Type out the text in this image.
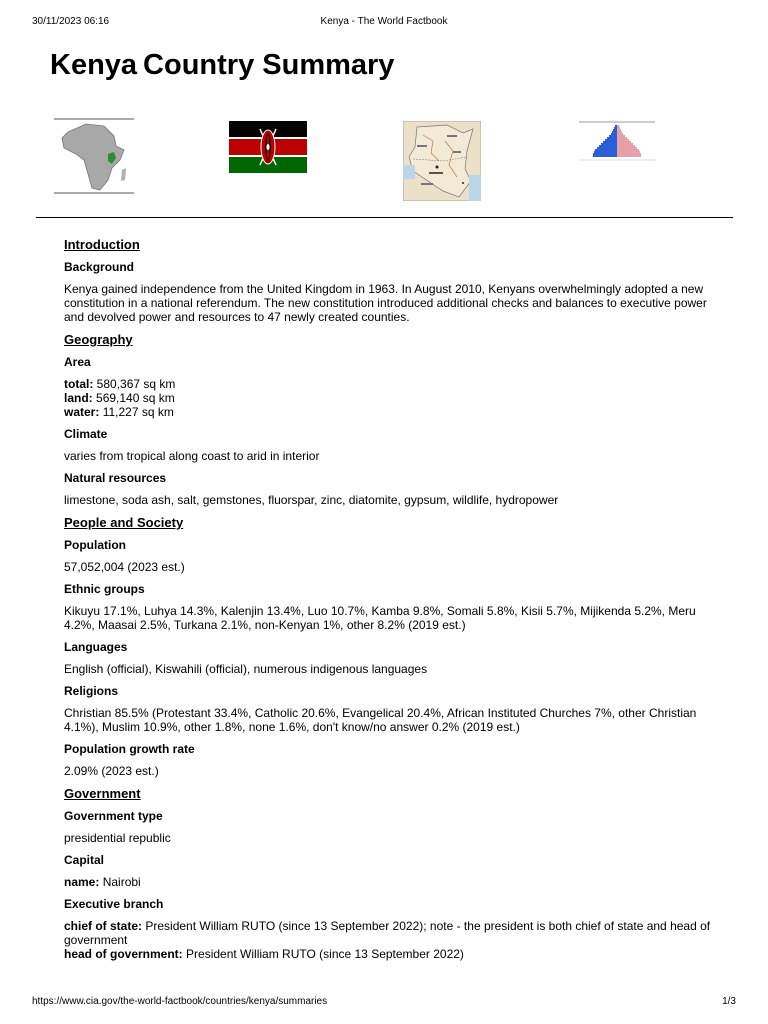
30/11/2023 06:16	Kenya - The World Factbook
Kenya Country Summary
Introduction
Background
Kenya gained independence from the United Kingdom in 1963. In August 2010, Kenyans overwhelmingly adopted a new constitution in a national referendum. The new constitution introduced additional checks and balances to executive power and devolved power and resources to 47 newly created counties.
Geography
Area
total: 580,367 sq km
land: 569,140 sq km
water: 11,227 sq km
Climate
varies from tropical along coast to arid in interior
Natural resources
limestone, soda ash, salt, gemstones, fluorspar, zinc, diatomite, gypsum, wildlife, hydropower
People and Society
Population
57,052,004 (2023 est.)
Ethnic groups
Kikuyu 17.1%, Luhya 14.3%, Kalenjin 13.4%, Luo 10.7%, Kamba 9.8%, Somali 5.8%, Kisii 5.7%, Mijikenda 5.2%, Meru 4.2%, Maasai 2.5%, Turkana 2.1%, non-Kenyan 1%, other 8.2% (2019 est.)
Languages
English (official), Kiswahili (official), numerous indigenous languages
Religions
Christian 85.5% (Protestant 33.4%, Catholic 20.6%, Evangelical 20.4%, African Instituted Churches 7%, other Christian 4.1%), Muslim 10.9%, other 1.8%, none 1.6%, don't know/no answer 0.2% (2019 est.)
Population growth rate
2.09% (2023 est.)
Government
Government type
presidential republic
Capital
name: Nairobi
Executive branch
chief of state: President William RUTO (since 13 September 2022); note - the president is both chief of state and head of government
head of government: President William RUTO (since 13 September 2022)
https://www.cia.gov/the-world-factbook/countries/kenya/summaries	1/3
